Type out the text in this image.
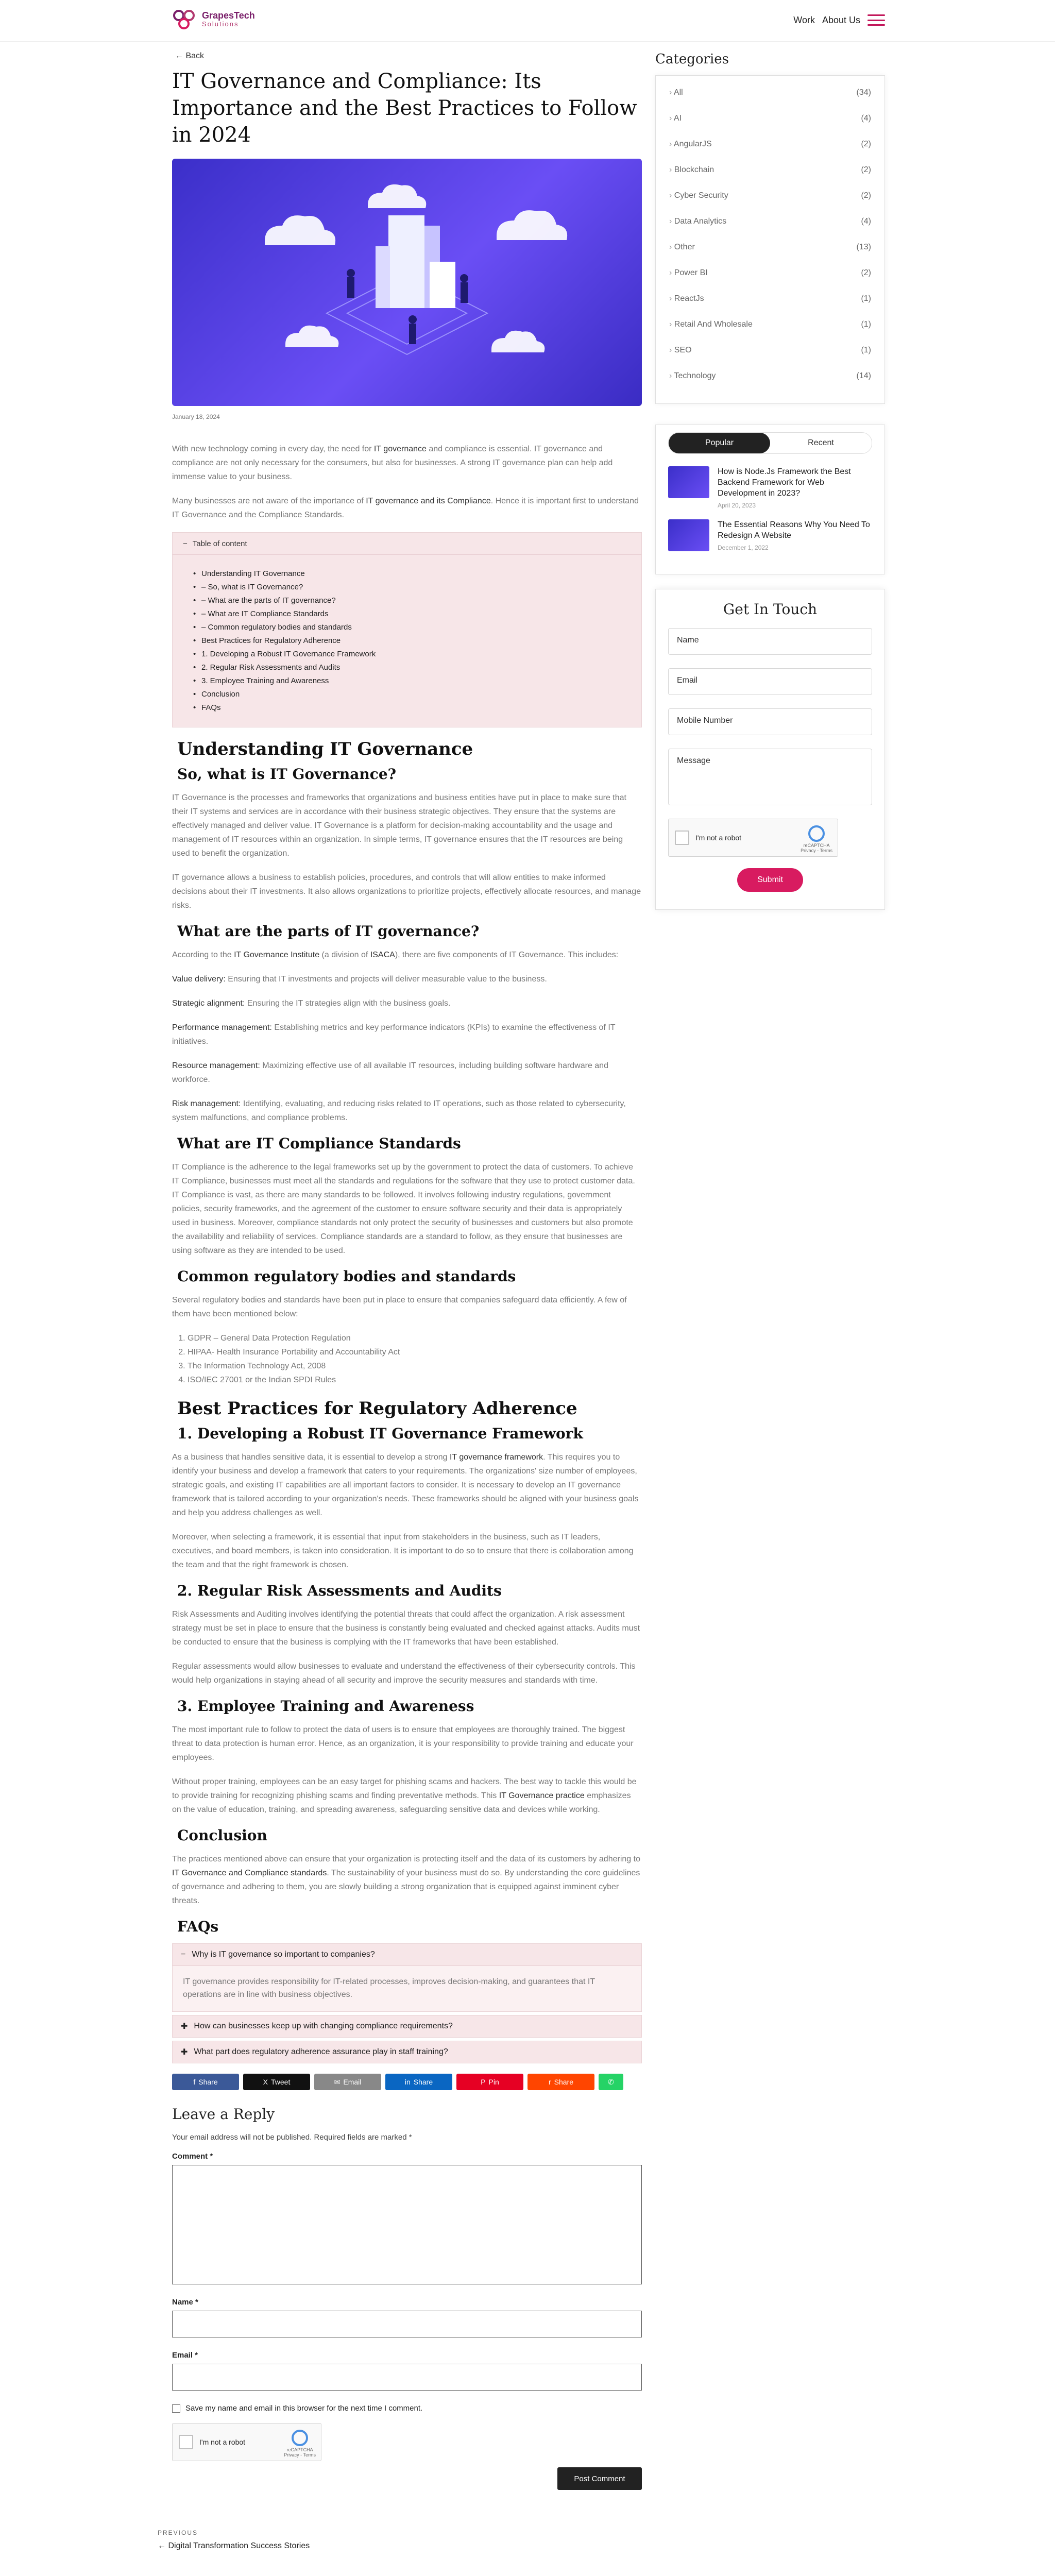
GrapesTech
Solutions	Work About Us
← Back
IT Governance and Compliance: Its Importance and the Best Practices to Follow in 2024
January 18, 2024

With new technology coming in every day, the need for IT governance and compliance is essential. IT governance and compliance are not only necessary for the consumers, but also for businesses. A strong IT governance plan can help add immense value to your business.

Many businesses are not aware of the importance of IT governance and its Compliance. Hence it is important first to understand IT Governance and the Compliance Standards.

− Table of content
• Understanding IT Governance
• – So, what is IT Governance?
• – What are the parts of IT governance?
• – What are IT Compliance Standards
• – Common regulatory bodies and standards
• Best Practices for Regulatory Adherence
• 1. Developing a Robust IT Governance Framework
• 2. Regular Risk Assessments and Audits
• 3. Employee Training and Awareness
• Conclusion
• FAQs
Understanding IT Governance
So, what is IT Governance?

IT Governance is the processes and frameworks that organizations and business entities have put in place to make sure that their IT systems and services are in accordance with their business strategic objectives. They ensure that the systems are effectively managed and deliver value. IT Governance is a platform for decision-making accountability and the usage and management of IT resources within an organization. In simple terms, IT governance ensures that the IT resources are being used to benefit the organization.

IT governance allows a business to establish policies, procedures, and controls that will allow entities to make informed decisions about their IT investments. It also allows organizations to prioritize projects, effectively allocate resources, and manage risks.

What are the parts of IT governance?

According to the IT Governance Institute (a division of ISACA), there are five components of IT Governance. This includes:

Value delivery: Ensuring that IT investments and projects will deliver measurable value to the business.

Strategic alignment: Ensuring the IT strategies align with the business goals.

Performance management: Establishing metrics and key performance indicators (KPIs) to examine the effectiveness of IT initiatives.

Resource management: Maximizing effective use of all available IT resources, including building software hardware and workforce.

Risk management: Identifying, evaluating, and reducing risks related to IT operations, such as those related to cybersecurity, system malfunctions, and compliance problems.

What are IT Compliance Standards

IT Compliance is the adherence to the legal frameworks set up by the government to protect the data of customers. To achieve IT Compliance, businesses must meet all the standards and regulations for the software that they use to protect customer data. IT Compliance is vast, as there are many standards to be followed. It involves following industry regulations, government policies, security frameworks, and the agreement of the customer to ensure software security and their data is appropriately used in business. Moreover, compliance standards not only protect the security of businesses and customers but also promote the availability and reliability of services. Compliance standards are a standard to follow, as they ensure that businesses are using software as they are intended to be used.

Common regulatory bodies and standards

Several regulatory bodies and standards have been put in place to ensure that companies safeguard data efficiently. A few of them have been mentioned below:

1. GDPR – General Data Protection Regulation
2. HIPAA- Health Insurance Portability and Accountability Act
3. The Information Technology Act, 2008
4. ISO/IEC 27001 or the Indian SPDI Rules
Best Practices for Regulatory Adherence
1. Developing a Robust IT Governance Framework

As a business that handles sensitive data, it is essential to develop a strong IT governance framework. This requires you to identify your business and develop a framework that caters to your requirements. The organizations' size number of employees, strategic goals, and existing IT capabilities are all important factors to consider. It is necessary to develop an IT governance framework that is tailored according to your organization's needs. These frameworks should be aligned with your business goals and help you address challenges as well.

Moreover, when selecting a framework, it is essential that input from stakeholders in the business, such as IT leaders, executives, and board members, is taken into consideration. It is important to do so to ensure that there is collaboration among the team and that the right framework is chosen.

2. Regular Risk Assessments and Audits

Risk Assessments and Auditing involves identifying the potential threats that could affect the organization. A risk assessment strategy must be set in place to ensure that the business is constantly being evaluated and checked against attacks. Audits must be conducted to ensure that the business is complying with the IT frameworks that have been established.

Regular assessments would allow businesses to evaluate and understand the effectiveness of their cybersecurity controls. This would help organizations in staying ahead of all security and improve the security measures and standards with time.

3. Employee Training and Awareness

The most important rule to follow to protect the data of users is to ensure that employees are thoroughly trained. The biggest threat to data protection is human error. Hence, as an organization, it is your responsibility to provide training and educate your employees.

Without proper training, employees can be an easy target for phishing scams and hackers. The best way to tackle this would be to provide training for recognizing phishing scams and finding preventative methods. This IT Governance practice emphasizes on the value of education, training, and spreading awareness, safeguarding sensitive data and devices while working.

Conclusion

The practices mentioned above can ensure that your organization is protecting itself and the data of its customers by adhering to IT Governance and Compliance standards. The sustainability of your business must do so. By understanding the core guidelines of governance and adhering to them, you are slowly building a strong organization that is equipped against imminent cyber threats.

FAQs
− Why is IT governance so important to companies?
IT governance provides responsibility for IT-related processes, improves decision-making, and guarantees that IT operations are in line with business objectives.
✚ How can businesses keep up with changing compliance requirements?
✚ What part does regulatory adherence assurance play in staff training?
f Share	X Tweet	✉ Email	in Share	P Pin	r Share	✆
Leave a Reply
Your email address will not be published. Required fields are marked *
Comment *
Name *
Email *
Save my name and email in this browser for the next time I comment.
I'm not a robot
reCAPTCHA
Privacy - Terms
Post Comment
PREVIOUS
← Digital Transformation Success Stories
Categories
› All	(34)
› AI	(4)
› AngularJS	(2)
› Blockchain	(2)
› Cyber Security	(2)
› Data Analytics	(4)
› Other	(13)
› Power BI	(2)
› ReactJs	(1)
› Retail And Wholesale	(1)
› SEO	(1)
› Technology	(14)
Popular	Recent
How is Node.Js Framework the Best Backend Framework for Web Development in 2023?
April 20, 2023
The Essential Reasons Why You Need To Redesign A Website
December 1, 2022
Get In Touch
Name
Email
Mobile Number
Message
I'm not a robot
reCAPTCHA
Privacy - Terms
Submit
